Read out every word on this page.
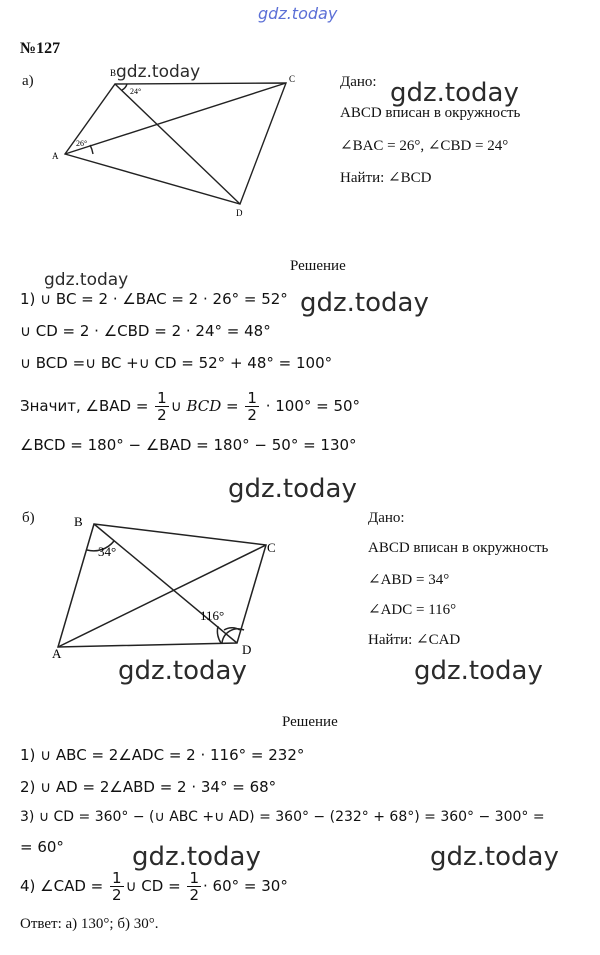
gdz.today
№127
а)	B
C
A
D
24°
26°
gdz.today	Дано: gdz.today
ABCD вписан в окружность
∠BAC = 26°, ∠CBD = 24°
Найти: ∠BCD
Решение
gdz.today
gdz.today
1) ∪ BC = 2 · ∠BAC = 2 · 26° = 52°
∪ CD = 2 · ∠CBD = 2 · 24° = 48°
∪ BCD =∪ BC +∪ CD = 52° + 48° = 100°
Значит, ∠BAD = $\frac{1}{2}$ ∪ BCD = $\frac{1}{2} \cdot 100^\circ = 50^\circ$
∠BCD = 180° − ∠BAD = 180° − 50° = 130°
gdz.today
б)	B
C
A	D
34°
116°
Дано:
ABCD вписан в окружность
∠ABD = 34°
∠ADC = 116°
Найти: ∠CAD
gdz.today	gdz.today
Решение
1) ∪ ABC = 2∠ADC = 2 · 116° = 232°
2) ∪ AD = 2∠ABD = 2 · 34° = 68°
3) ∪ CD = 360° − (∪ ABC +∪ AD) = 360° − (232° + 68°) = 360° − 300° =
= 60°	gdz.today	gdz.today
4) ∠CAD = $\frac{1}{2}$ ∪ CD = $\frac{1}{2} \cdot 60^\circ = 30^\circ$
Ответ: а) 130°; б) 30°.
